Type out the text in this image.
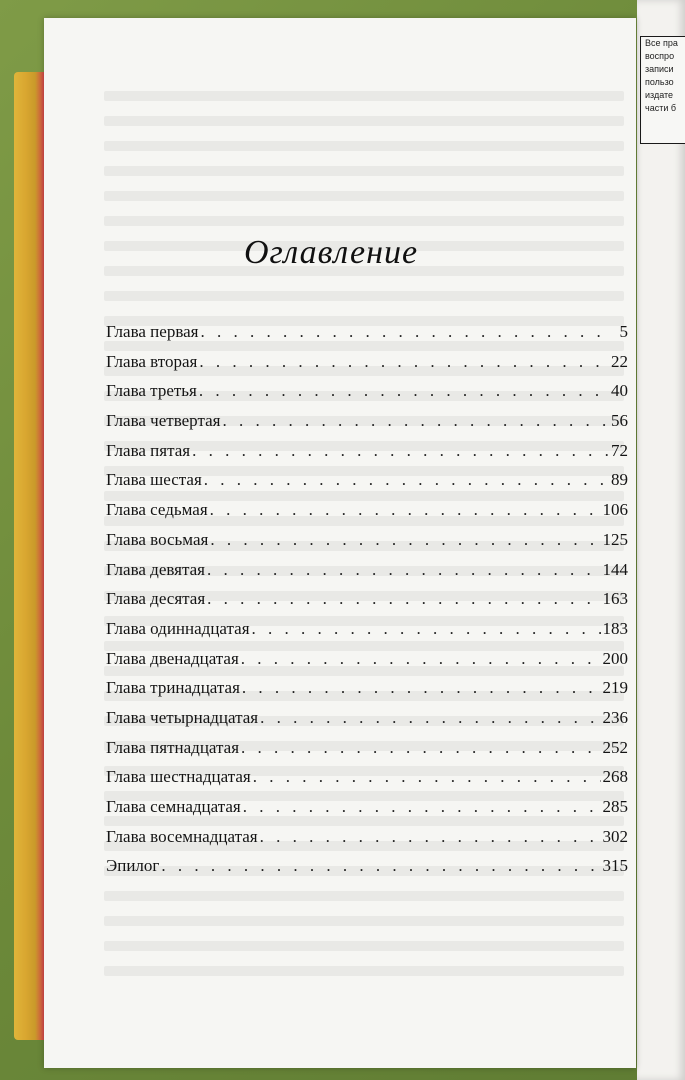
Все пра
воспро
записи
пользо
издате
части б
Оглавление
Глава первая . . .	5
Глава вторая . . .	22
Глава третья . . .	40
Глава четвертая . . .	56
Глава пятая . . .	72
Глава шестая . . .	89
Глава седьмая . . .	106
Глава восьмая . . .	125
Глава девятая . . .	144
Глава десятая . . .	163
Глава одиннадцатая . . .	183
Глава двенадцатая . . .	200
Глава тринадцатая . . .	219
Глава четырнадцатая . . .	236
Глава пятнадцатая . . .	252
Глава шестнадцатая . . .	268
Глава семнадцатая . . .	285
Глава восемнадцатая . . .	302
Эпилог . . .	315
